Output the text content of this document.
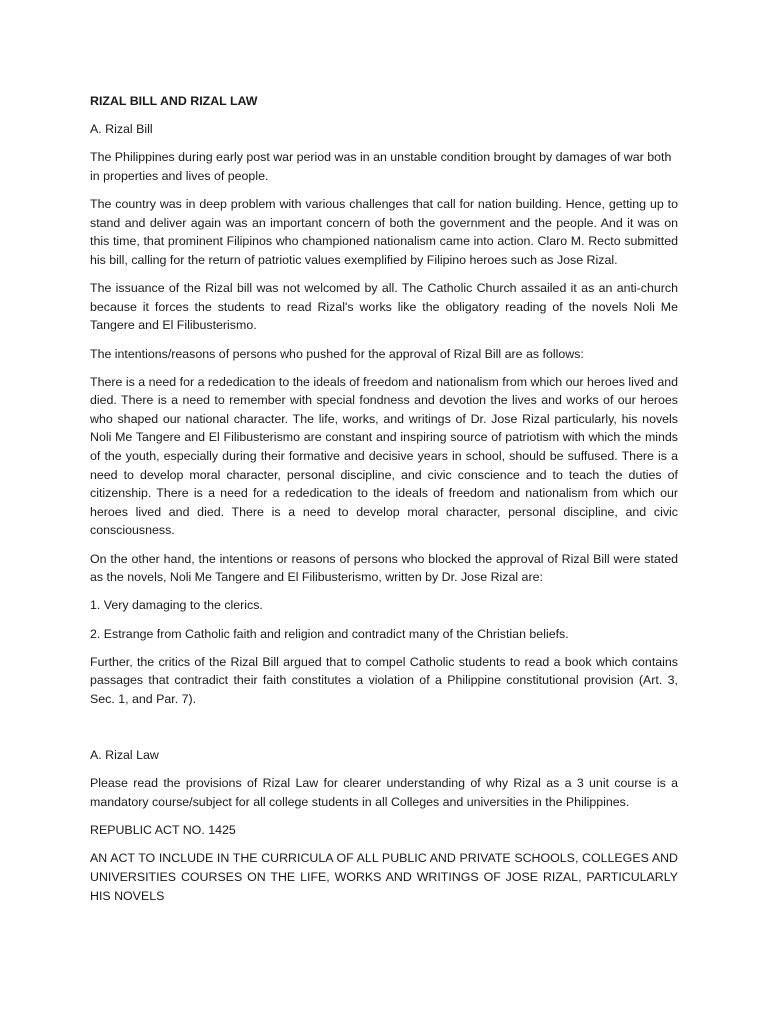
RIZAL BILL AND RIZAL LAW

A. Rizal Bill

The Philippines during early post war period was in an unstable condition brought by damages of war both in properties and lives of people.

The country was in deep problem with various challenges that call for nation building. Hence, getting up to stand and deliver again was an important concern of both the government and the people. And it was on this time, that prominent Filipinos who championed nationalism came into action. Claro M. Recto submitted his bill, calling for the return of patriotic values exemplified by Filipino heroes such as Jose Rizal.

The issuance of the Rizal bill was not welcomed by all. The Catholic Church assailed it as an anti-church because it forces the students to read Rizal's works like the obligatory reading of the novels Noli Me Tangere and El Filibusterismo.

The intentions/reasons of persons who pushed for the approval of Rizal Bill are as follows:

There is a need for a rededication to the ideals of freedom and nationalism from which our heroes lived and died. There is a need to remember with special fondness and devotion the lives and works of our heroes who shaped our national character. The life, works, and writings of Dr. Jose Rizal particularly, his novels Noli Me Tangere and El Filibusterismo are constant and inspiring source of patriotism with which the minds of the youth, especially during their formative and decisive years in school, should be suffused. There is a need to develop moral character, personal discipline, and civic conscience and to teach the duties of citizenship. There is a need for a rededication to the ideals of freedom and nationalism from which our heroes lived and died. There is a need to develop moral character, personal discipline, and civic consciousness.

On the other hand, the intentions or reasons of persons who blocked the approval of Rizal Bill were stated as the novels, Noli Me Tangere and El Filibusterismo, written by Dr. Jose Rizal are:

1. Very damaging to the clerics.

2. Estrange from Catholic faith and religion and contradict many of the Christian beliefs.

Further, the critics of the Rizal Bill argued that to compel Catholic students to read a book which contains passages that contradict their faith constitutes a violation of a Philippine constitutional provision (Art. 3, Sec. 1, and Par. 7).

A. Rizal Law

Please read the provisions of Rizal Law for clearer understanding of why Rizal as a 3 unit course is a mandatory course/subject for all college students in all Colleges and universities in the Philippines.

REPUBLIC ACT NO. 1425

AN ACT TO INCLUDE IN THE CURRICULA OF ALL PUBLIC AND PRIVATE SCHOOLS, COLLEGES AND UNIVERSITIES COURSES ON THE LIFE, WORKS AND WRITINGS OF JOSE RIZAL, PARTICULARLY HIS NOVELS
